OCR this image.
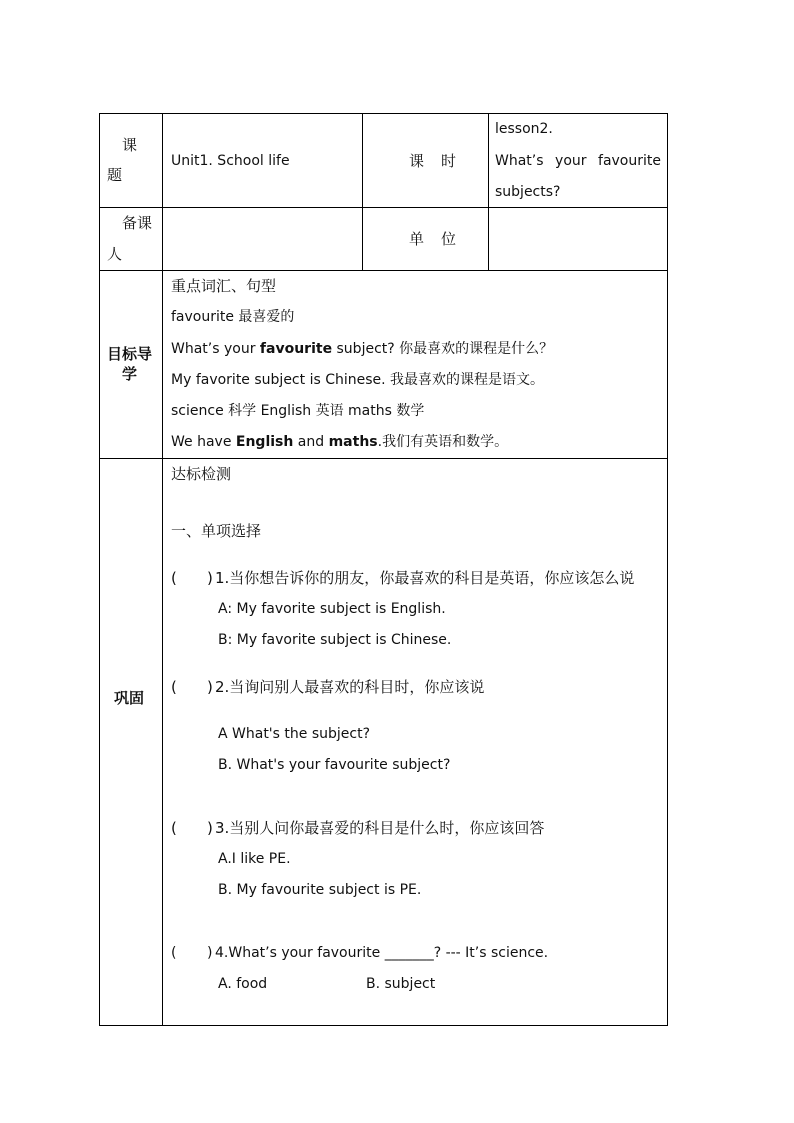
课
题
Unit1. School life	课 时
lesson2.
What’s your favourite
subjects?
备课
人
单 位
目标导
学
重点词汇、句型
favourite 最喜爱的
What’s your favourite subject? 你最喜欢的课程是什么？
My favorite subject is Chinese. 我最喜欢的课程是语文。
science 科学 English 英语 maths 数学
We have English and maths.我们有英语和数学。
巩固
达标检测
一、单项选择
( ) 1.当你想告诉你的朋友，你最喜欢的科目是英语，你应该怎么说
A: My favorite subject is English.
B: My favorite subject is Chinese.
( ) 2.当询问别人最喜欢的科目时，你应该说
A What's the subject?
B. What's your favourite subject?
( ) 3.当别人问你最喜爱的科目是什么时，你应该回答
A.I like PE.
B. My favourite subject is PE.
( ) 4.What’s your favourite _______? --- It’s science.
A. food	B. subject
